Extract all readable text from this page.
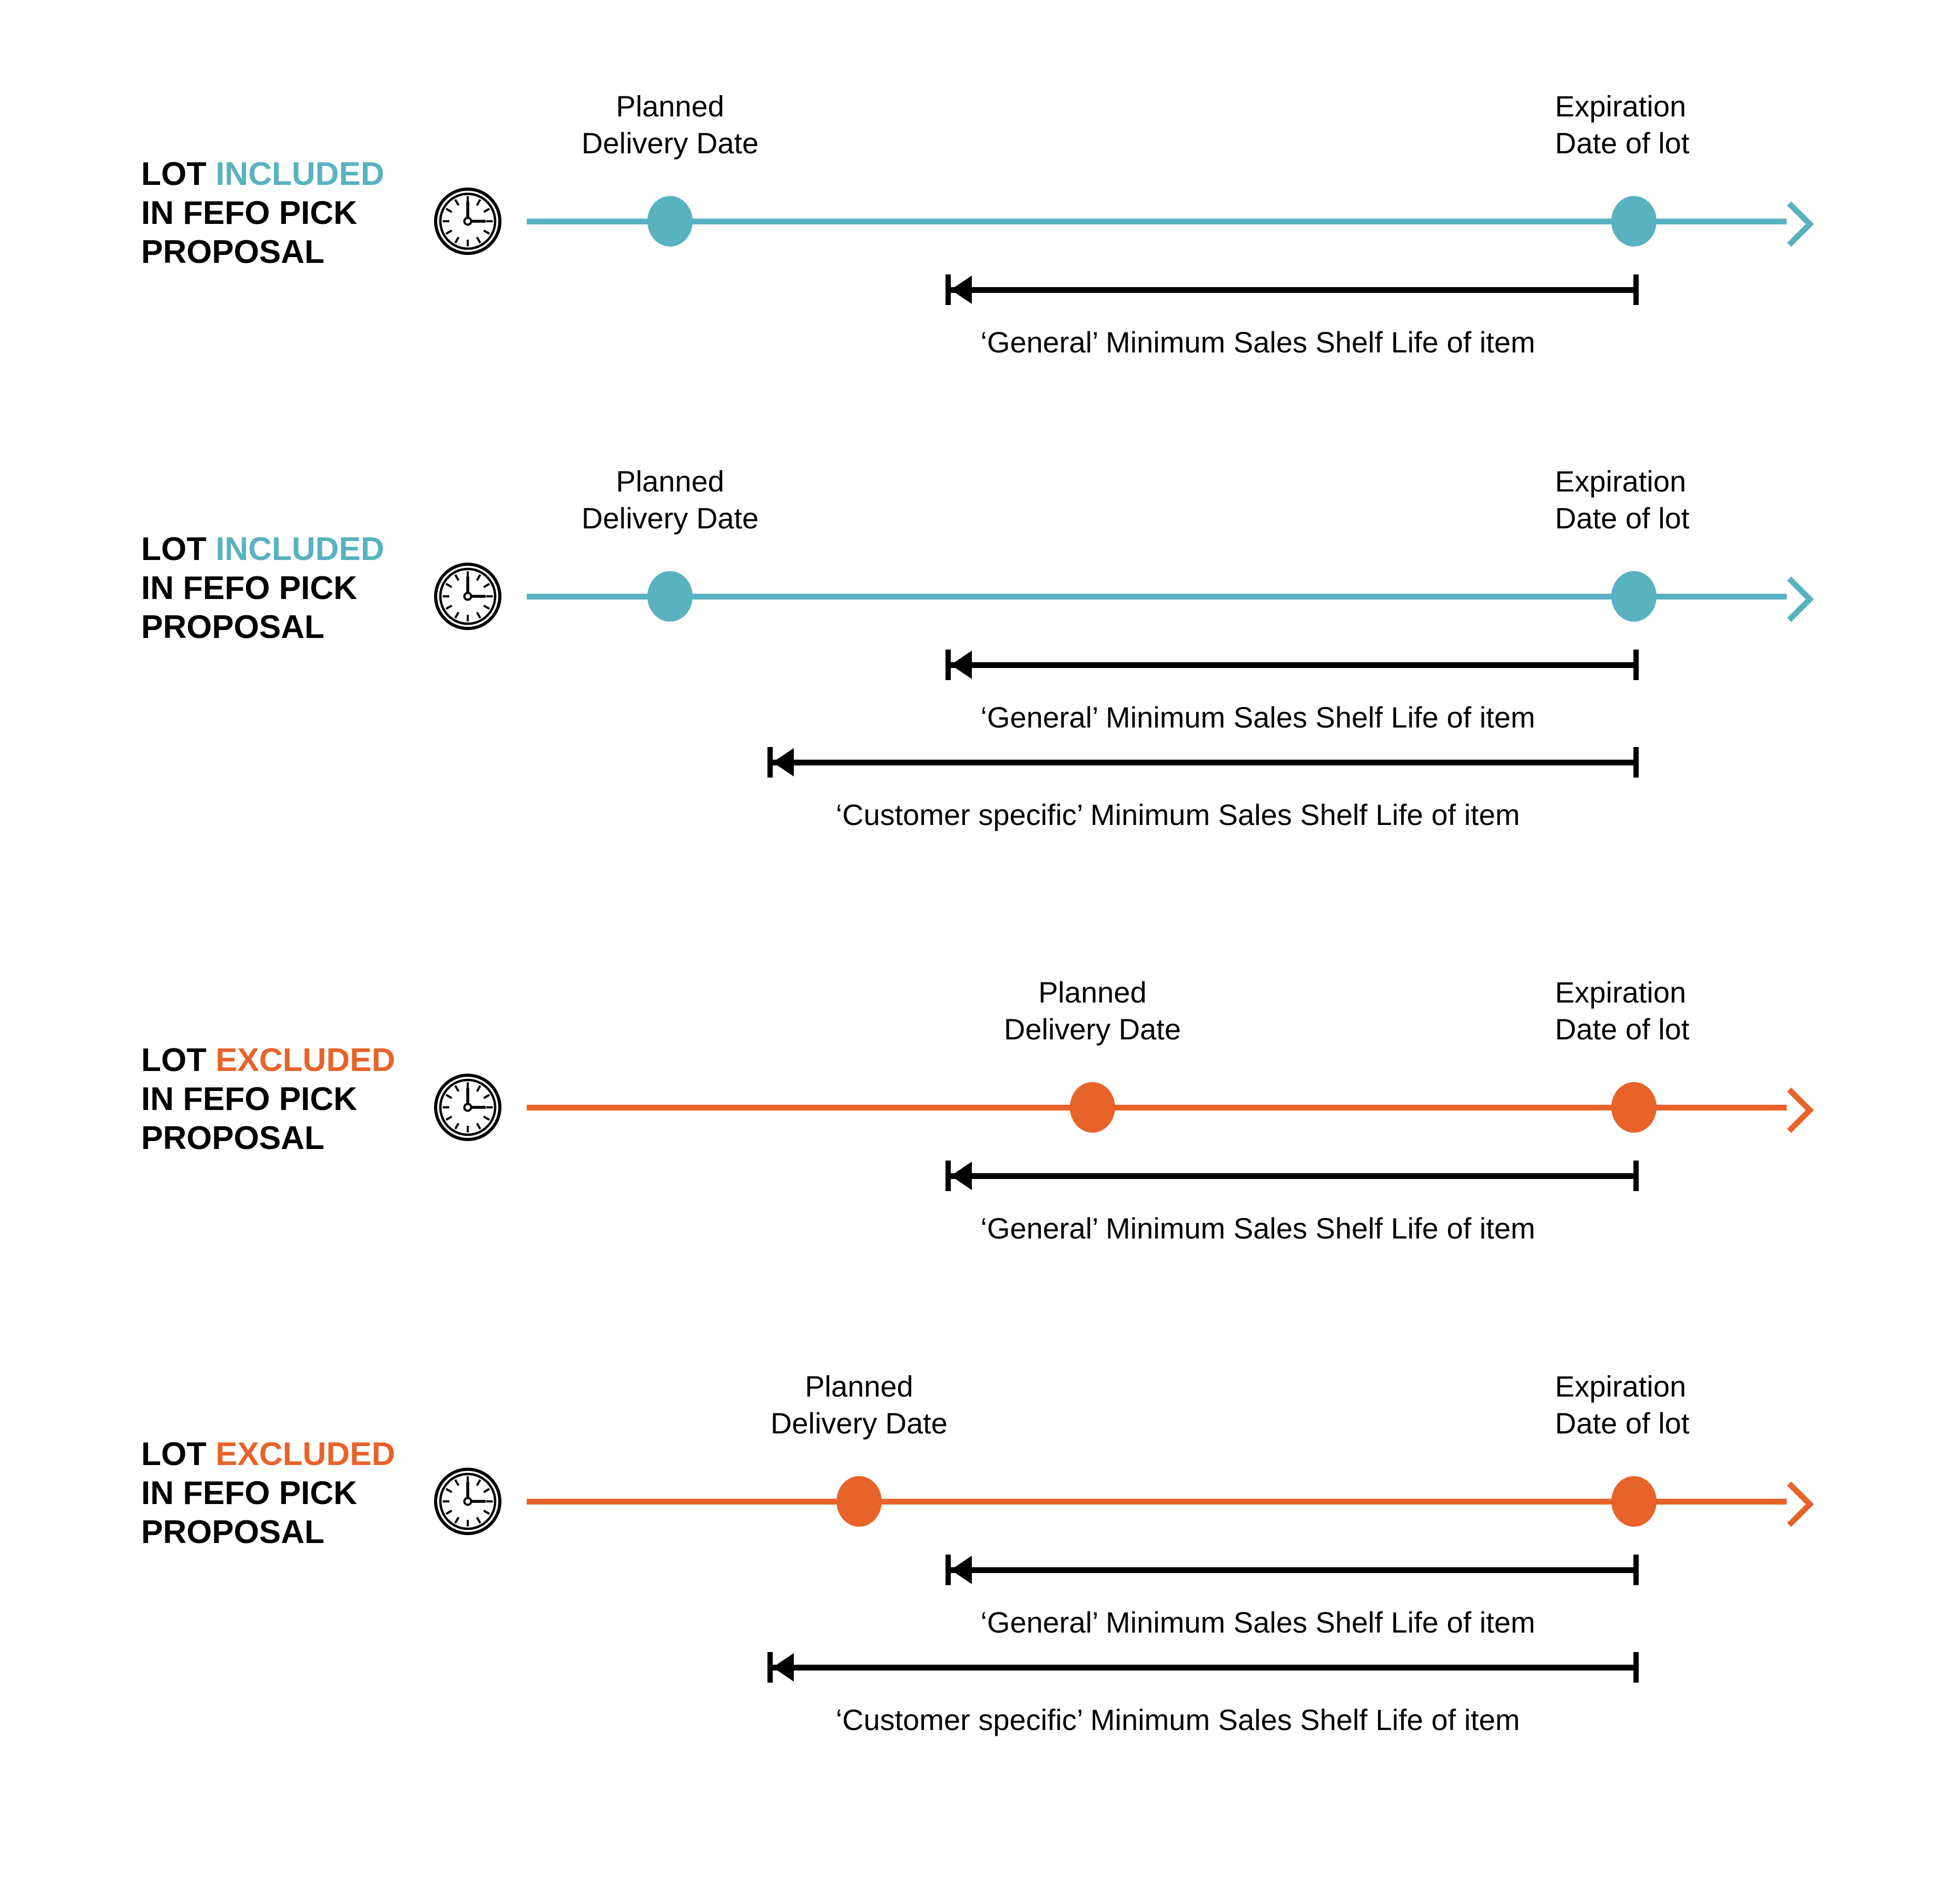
LOT INCLUDED
IN FEFO PICK
PROPOSAL
Planned
Delivery Date
Expiration
Date of lot
‘General’ Minimum Sales Shelf Life of item
LOT INCLUDED
IN FEFO PICK
PROPOSAL
Planned
Delivery Date
Expiration
Date of lot
‘General’ Minimum Sales Shelf Life of item
‘Customer specific’ Minimum Sales Shelf Life of item
LOT EXCLUDED
IN FEFO PICK
PROPOSAL
Planned
Delivery Date
Expiration
Date of lot
‘General’ Minimum Sales Shelf Life of item
LOT EXCLUDED
IN FEFO PICK
PROPOSAL
Planned
Delivery Date
Expiration
Date of lot
‘General’ Minimum Sales Shelf Life of item
‘Customer specific’ Minimum Sales Shelf Life of item
